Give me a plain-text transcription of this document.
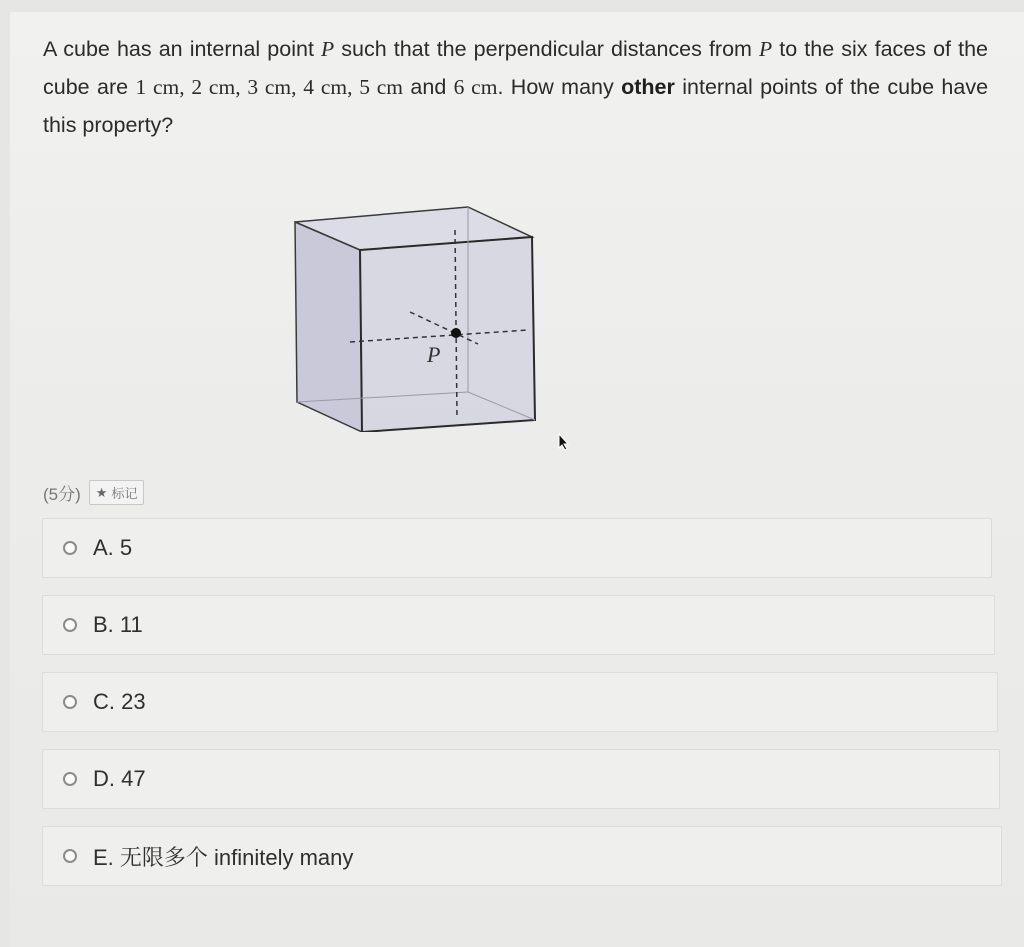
A cube has an internal point P such that the perpendicular distances from P to the six faces of the cube are 1 cm, 2 cm, 3 cm, 4 cm, 5 cm and 6 cm. How many other internal points of the cube have this property?
P
(5分) ★ 标记
A. 5
B. 11
C. 23
D. 47
E. 无限多个 infinitely many
